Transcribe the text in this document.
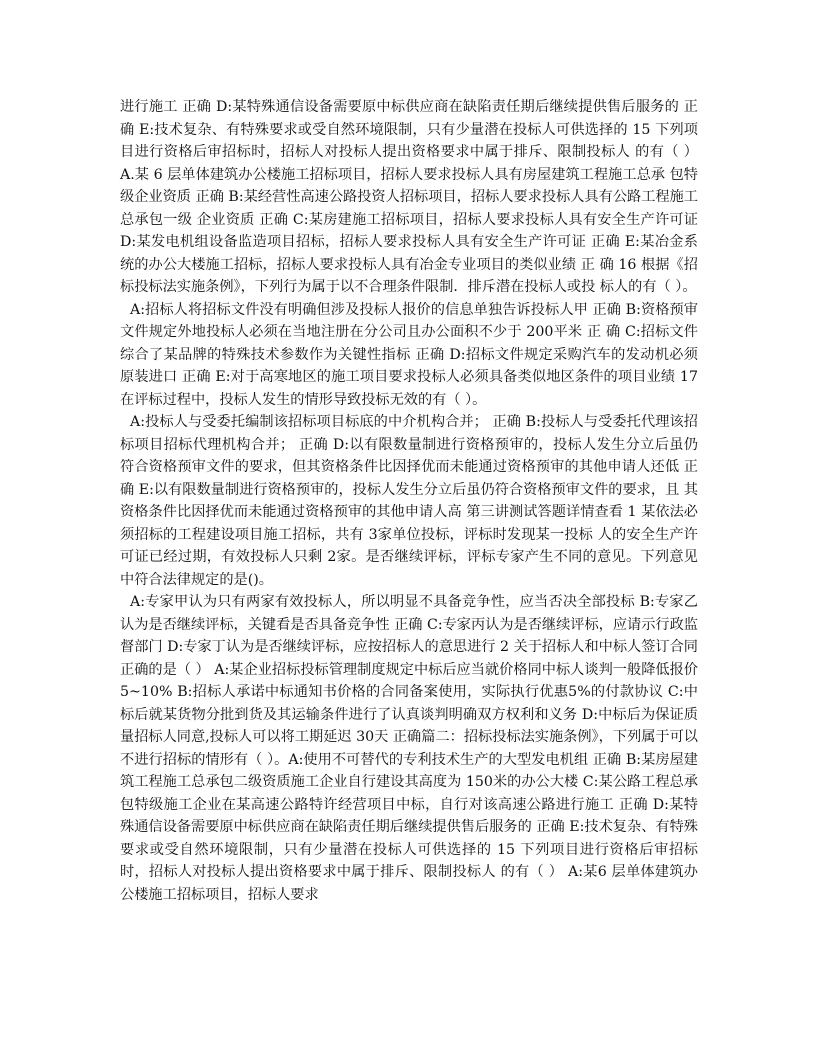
进行施工 正确 D:某特殊通信设备需要原中标供应商在缺陷责任期后继续提供售后服务的 正确 E:技术复杂、有特殊要求或受自然环境限制，只有少量潜在投标人可供选择的 15 下列项目进行资格后审招标时，招标人对投标人提出资格要求中属于排斥、限制投标人 的有（ ） A.某 6 层单体建筑办公楼施工招标项目，招标人要求投标人具有房屋建筑工程施工总承 包特级企业资质 正确 B:某经营性高速公路投资人招标项目，招标人要求投标人具有公路工程施工总承包一级 企业资质 正确 C:某房建施工招标项目，招标人要求投标人具有安全生产许可证 D:某发电机组设备监造项目招标，招标人要求投标人具有安全生产许可证 正确 E:某冶金系统的办公大楼施工招标，招标人要求投标人具有冶金专业项目的类似业绩 正 确 16 根据《招标投标法实施条例》，下列行为属于以不合理条件限制．排斥潜在投标人或投 标人的有（ ）。

A:招标人将招标文件没有明确但涉及投标人报价的信息单独告诉投标人甲 正确 B:资格预审文件规定外地投标人必须在当地注册在分公司且办公面积不少于 200平米 正 确 C:招标文件综合了某品牌的特殊技术参数作为关键性指标 正确 D:招标文件规定采购汽车的发动机必须原装进口 正确 E:对于高寒地区的施工项目要求投标人必须具备类似地区条件的项目业绩 17 在评标过程中，投标人发生的情形导致投标无效的有（ ）。

A:投标人与受委托编制该招标项目标底的中介机构合并； 正确 B:投标人与受委托代理该招标项目招标代理机构合并； 正确 D:以有限数量制进行资格预审的，投标人发生分立后虽仍符合资格预审文件的要求，但其资格条件比因择优而未能通过资格预审的其他申请人还低 正确 E:以有限数量制进行资格预审的，投标人发生分立后虽仍符合资格预审文件的要求，且 其资格条件比因择优而未能通过资格预审的其他申请人高 第三讲测试答题详情查看 1 某依法必须招标的工程建设项目施工招标，共有 3家单位投标，评标时发现某一投标 人的安全生产许可证已经过期，有效投标人只剩 2家。是否继续评标，评标专家产生不同的意见。下列意见中符合法律规定的是()。

A:专家甲认为只有两家有效投标人，所以明显不具备竞争性，应当否决全部投标 B:专家乙认为是否继续评标，关键看是否具备竞争性 正确 C:专家丙认为是否继续评标，应请示行政监督部门 D:专家丁认为是否继续评标，应按招标人的意思进行 2 关于招标人和中标人签订合同正确的是（ ） A:某企业招标投标管理制度规定中标后应当就价格同中标人谈判一般降低报价 5~10% B:招标人承诺中标通知书价格的合同备案使用，实际执行优惠5%的付款协议 C:中标后就某货物分批到货及其运输条件进行了认真谈判明确双方权利和义务 D:中标后为保证质量招标人同意,投标人可以将工期延迟 30天 正确篇二：招标投标法实施条例》，下列属于可以不进行招标的情形有（ ）。A:使用不可替代的专利技术生产的大型发电机组 正确 B:某房屋建筑工程施工总承包二级资质施工企业自行建设其高度为 150米的办公大楼 C:某公路工程总承包特级施工企业在某高速公路特许经营项目中标，自行对该高速公路进行施工 正确 D:某特殊通信设备需要原中标供应商在缺陷责任期后继续提供售后服务的 正确 E:技术复杂、有特殊要求或受自然环境限制，只有少量潜在投标人可供选择的 15 下列项目进行资格后审招标时，招标人对投标人提出资格要求中属于排斥、限制投标人 的有（ ） A:某6 层单体建筑办公楼施工招标项目，招标人要求
